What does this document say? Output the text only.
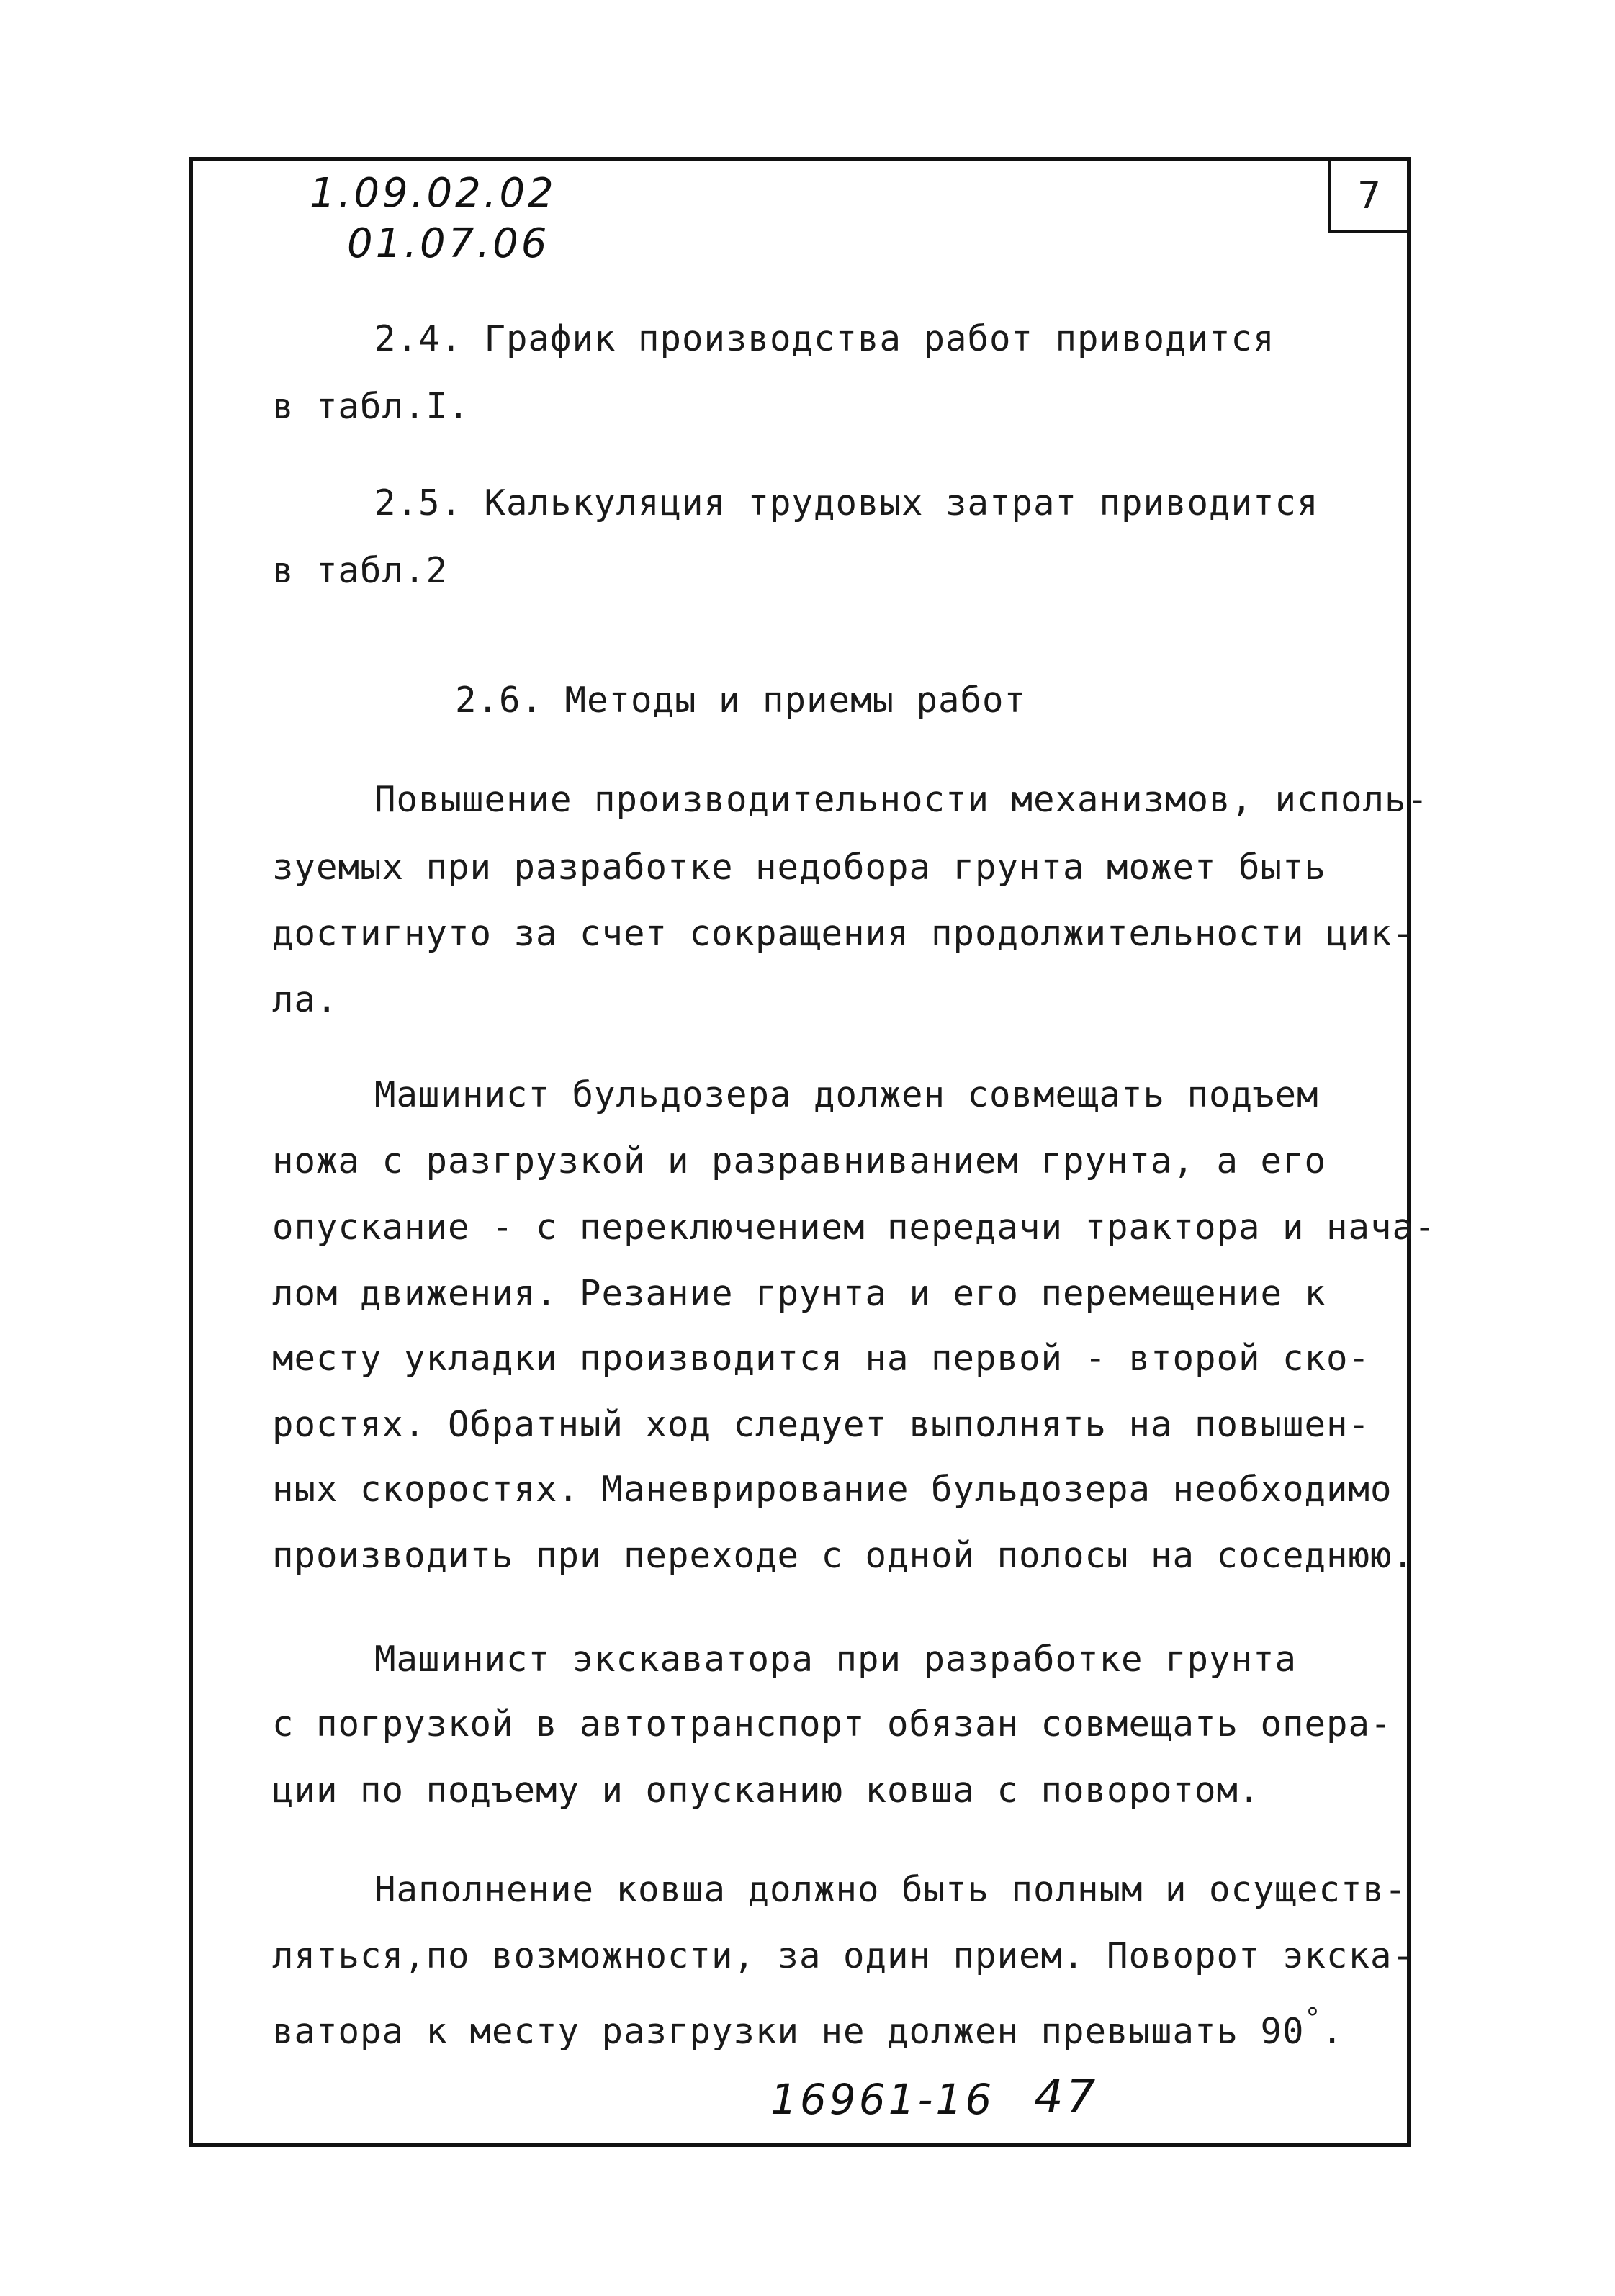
7
1.09.02.02
01.07.06
2.4. График производства работ приводится
в табл.I.
2.5. Калькуляция трудовых затрат приводится
в табл.2
2.6. Методы и приемы работ
Повышение производительности механизмов, исполь-
зуемых при разработке недобора грунта может быть
достигнуто за счет сокращения продолжительности цик-
ла.
Машинист бульдозера должен совмещать подъем
ножа с разгрузкой и разравниванием грунта, а его
опускание - с переключением передачи трактора и нача-
лом движения. Резание грунта и его перемещение к
месту укладки производится на первой - второй ско-
ростях. Обратный ход следует выполнять на повышен-
ных скоростях. Маневрирование бульдозера необходимо
производить при переходе с одной полосы на соседнюю.
Машинист экскаватора при разработке грунта
с погрузкой в автотранспорт обязан совмещать опера-
ции по подъему и опусканию ковша с поворотом.
Наполнение ковша должно быть полным и осуществ-
ляться,по возможности, за один прием. Поворот экска-
ватора к месту разгрузки не должен превышать 90°.
16961-16 47
